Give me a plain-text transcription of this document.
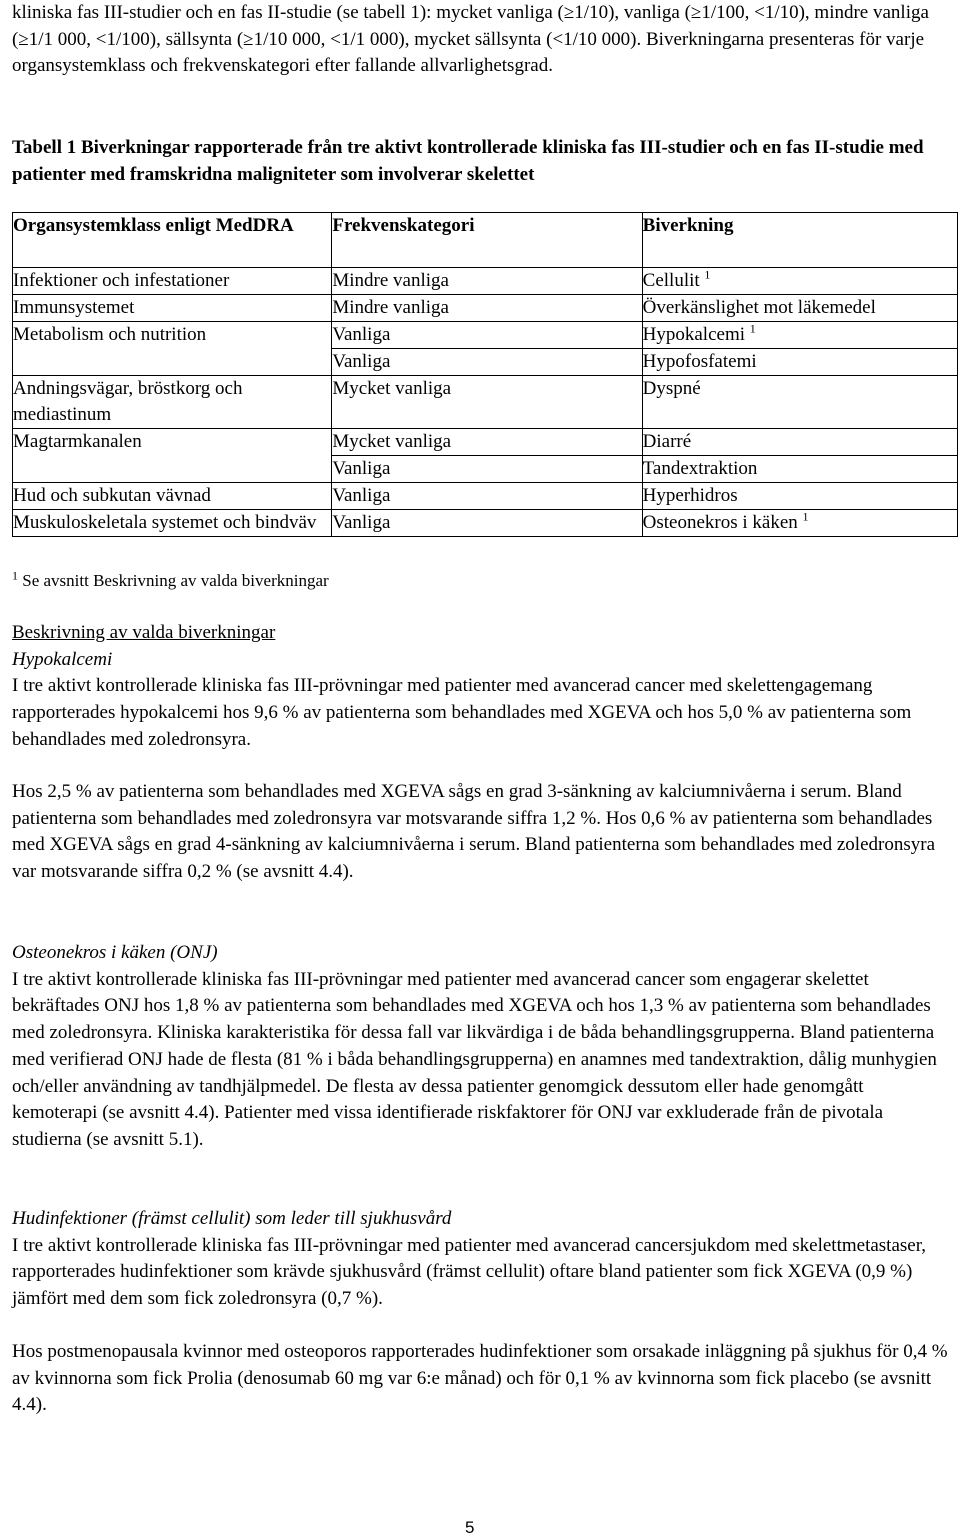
kliniska fas III-studier och en fas II-studie (se tabell 1): mycket vanliga (≥1/10), vanliga (≥1/100, <1/10), mindre vanliga (≥1/1 000, <1/100), sällsynta (≥1/10 000, <1/1 000), mycket sällsynta (<1/10 000). Biverkningarna presenteras för varje organsystemklass och frekvenskategori efter fallande allvarlighetsgrad.

Tabell 1 Biverkningar rapporterade från tre aktivt kontrollerade kliniska fas III-studier och en fas II-studie med patienter med framskridna maligniteter som involverar skelettet
Organsystemklass enligt MedDRA	Frekvenskategori	Biverkning
Infektioner och infestationer	Mindre vanliga	Cellulit $^1$
Immunsystemet	Mindre vanliga	Överkänslighet mot läkemedel
Metabolism och nutrition	Vanliga	Hypokalcemi $^1$
	Vanliga	Hypofosfatemi
Andningsvägar, bröstkorg och mediastinum	Mycket vanliga	Dyspné
Magtarmkanalen	Mycket vanliga	Diarré
	Vanliga	Tandextraktion
Hud och subkutan vävnad	Vanliga	Hyperhidros
Muskuloskeletala systemet och bindväv	Vanliga	Osteonekros i käken $^1$
$^1$ Se avsnitt Beskrivning av valda biverkningar

Beskrivning av valda biverkningar

Hypokalcemi

I tre aktivt kontrollerade kliniska fas III-prövningar med patienter med avancerad cancer med skelettengagemang rapporterades hypokalcemi hos 9,6 % av patienterna som behandlades med XGEVA och hos 5,0 % av patienterna som behandlades med zoledronsyra.

Hos 2,5 % av patienterna som behandlades med XGEVA sågs en grad 3-sänkning av kalciumnivåerna i serum. Bland patienterna som behandlades med zoledronsyra var motsvarande siffra 1,2 %. Hos 0,6 % av patienterna som behandlades med XGEVA sågs en grad 4-sänkning av kalciumnivåerna i serum. Bland patienterna som behandlades med zoledronsyra var motsvarande siffra 0,2 % (se avsnitt 4.4).

Osteonekros i käken (ONJ)

I tre aktivt kontrollerade kliniska fas III-prövningar med patienter med avancerad cancer som engagerar skelettet bekräftades ONJ hos 1,8 % av patienterna som behandlades med XGEVA och hos 1,3 % av patienterna som behandlades med zoledronsyra. Kliniska karakteristika för dessa fall var likvärdiga i de båda behandlingsgrupperna. Bland patienterna med verifierad ONJ hade de flesta (81 % i båda behandlingsgrupperna) en anamnes med tandextraktion, dålig munhygien och/eller användning av tandhjälpmedel. De flesta av dessa patienter genomgick dessutom eller hade genomgått kemoterapi (se avsnitt 4.4). Patienter med vissa identifierade riskfaktorer för ONJ var exkluderade från de pivotala studierna (se avsnitt 5.1).

Hudinfektioner (främst cellulit) som leder till sjukhusvård

I tre aktivt kontrollerade kliniska fas III-prövningar med patienter med avancerad cancersjukdom med skelettmetastaser, rapporterades hudinfektioner som krävde sjukhusvård (främst cellulit) oftare bland patienter som fick XGEVA (0,9 %) jämfört med dem som fick zoledronsyra (0,7 %).

Hos postmenopausala kvinnor med osteoporos rapporterades hudinfektioner som orsakade inläggning på sjukhus för 0,4 % av kvinnorna som fick Prolia (denosumab 60 mg var 6:e månad) och för 0,1 % av kvinnorna som fick placebo (se avsnitt 4.4).

5
